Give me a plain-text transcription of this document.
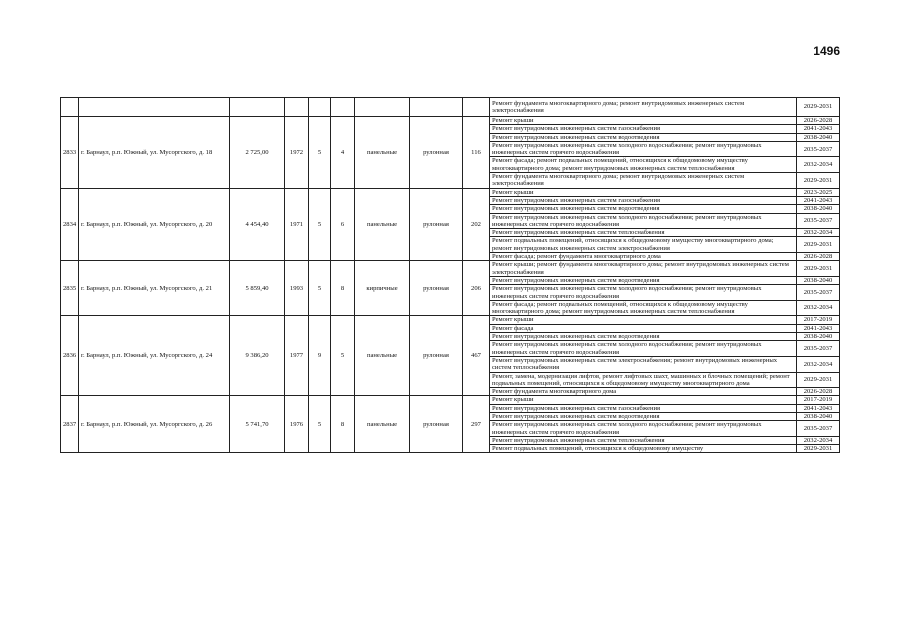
1496
									Ремонт фундамента многоквартирного дома; ремонт внутридомовых инженерных систем электроснабжения	2029-2031
2833	г. Барнаул, р.п. Южный, ул. Мусоргского, д. 18	2 725,00	1972	5	4	панельные	рулонная	116	Ремонт крыши	2026-2028
									Ремонт внутридомовых инженерных систем газоснабжения	2041-2043
									Ремонт внутридомовых инженерных систем водоотведения	2038-2040
									Ремонт внутридомовых инженерных систем холодного водоснабжения; ремонт внутридомовых инженерных систем горячего водоснабжения	2035-2037
									Ремонт фасада; ремонт подвальных помещений, относящихся к общедомовому имуществу многоквартирного дома; ремонт внутридомовых инженерных систем теплоснабжения	2032-2034
									Ремонт фундамента многоквартирного дома; ремонт внутридомовых инженерных систем электроснабжения	2029-2031
2834	г. Барнаул, р.п. Южный, ул. Мусоргского, д. 20	4 454,40	1971	5	6	панельные	рулонная	202	Ремонт крыши	2023-2025
									Ремонт внутридомовых инженерных систем газоснабжения	2041-2043
									Ремонт внутридомовых инженерных систем водоотведения	2038-2040
									Ремонт внутридомовых инженерных систем холодного водоснабжения; ремонт внутридомовых инженерных систем горячего водоснабжения	2035-2037
									Ремонт внутридомовых инженерных систем теплоснабжения	2032-2034
									Ремонт подвальных помещений, относящихся к общедомовому имуществу многоквартирного дома; ремонт внутридомовых инженерных систем электроснабжения	2029-2031
									Ремонт фасада; ремонт фундамента многоквартирного дома	2026-2028
2835	г. Барнаул, р.п. Южный, ул. Мусоргского, д. 21	5 859,40	1993	5	8	кирпичные	рулонная	206	Ремонт крыши; ремонт фундамента многоквартирного дома; ремонт внутридомовых инженерных систем электроснабжения	2029-2031
									Ремонт внутридомовых инженерных систем водоотведения	2038-2040
									Ремонт внутридомовых инженерных систем холодного водоснабжения; ремонт внутридомовых инженерных систем горячего водоснабжения	2035-2037
									Ремонт фасада; ремонт подвальных помещений, относящихся к общедомовому имуществу многоквартирного дома; ремонт внутридомовых инженерных систем теплоснабжения	2032-2034
2836	г. Барнаул, р.п. Южный, ул. Мусоргского, д. 24	9 386,20	1977	9	5	панельные	рулонная	467	Ремонт крыши	2017-2019
									Ремонт фасада	2041-2043
									Ремонт внутридомовых инженерных систем водоотведения	2038-2040
									Ремонт внутридомовых инженерных систем холодного водоснабжения; ремонт внутридомовых инженерных систем горячего водоснабжения	2035-2037
									Ремонт внутридомовых инженерных систем электроснабжения; ремонт внутридомовых инженерных систем теплоснабжения	2032-2034
									Ремонт, замена, модернизация лифтов, ремонт лифтовых шахт, машинных и блочных помещений; ремонт подвальных помещений, относящихся к общедомовому имуществу многоквартирного дома	2029-2031
									Ремонт фундамента многоквартирного дома	2026-2028
2837	г. Барнаул, р.п. Южный, ул. Мусоргского, д. 26	5 741,70	1976	5	8	панельные	рулонная	297	Ремонт крыши	2017-2019
									Ремонт внутридомовых инженерных систем газоснабжения	2041-2043
									Ремонт внутридомовых инженерных систем водоотведения	2038-2040
									Ремонт внутридомовых инженерных систем холодного водоснабжения; ремонт внутридомовых инженерных систем горячего водоснабжения	2035-2037
									Ремонт внутридомовых инженерных систем теплоснабжения	2032-2034
									Ремонт подвальных помещений, относящихся к общедомовому имуществу	2029-2031
